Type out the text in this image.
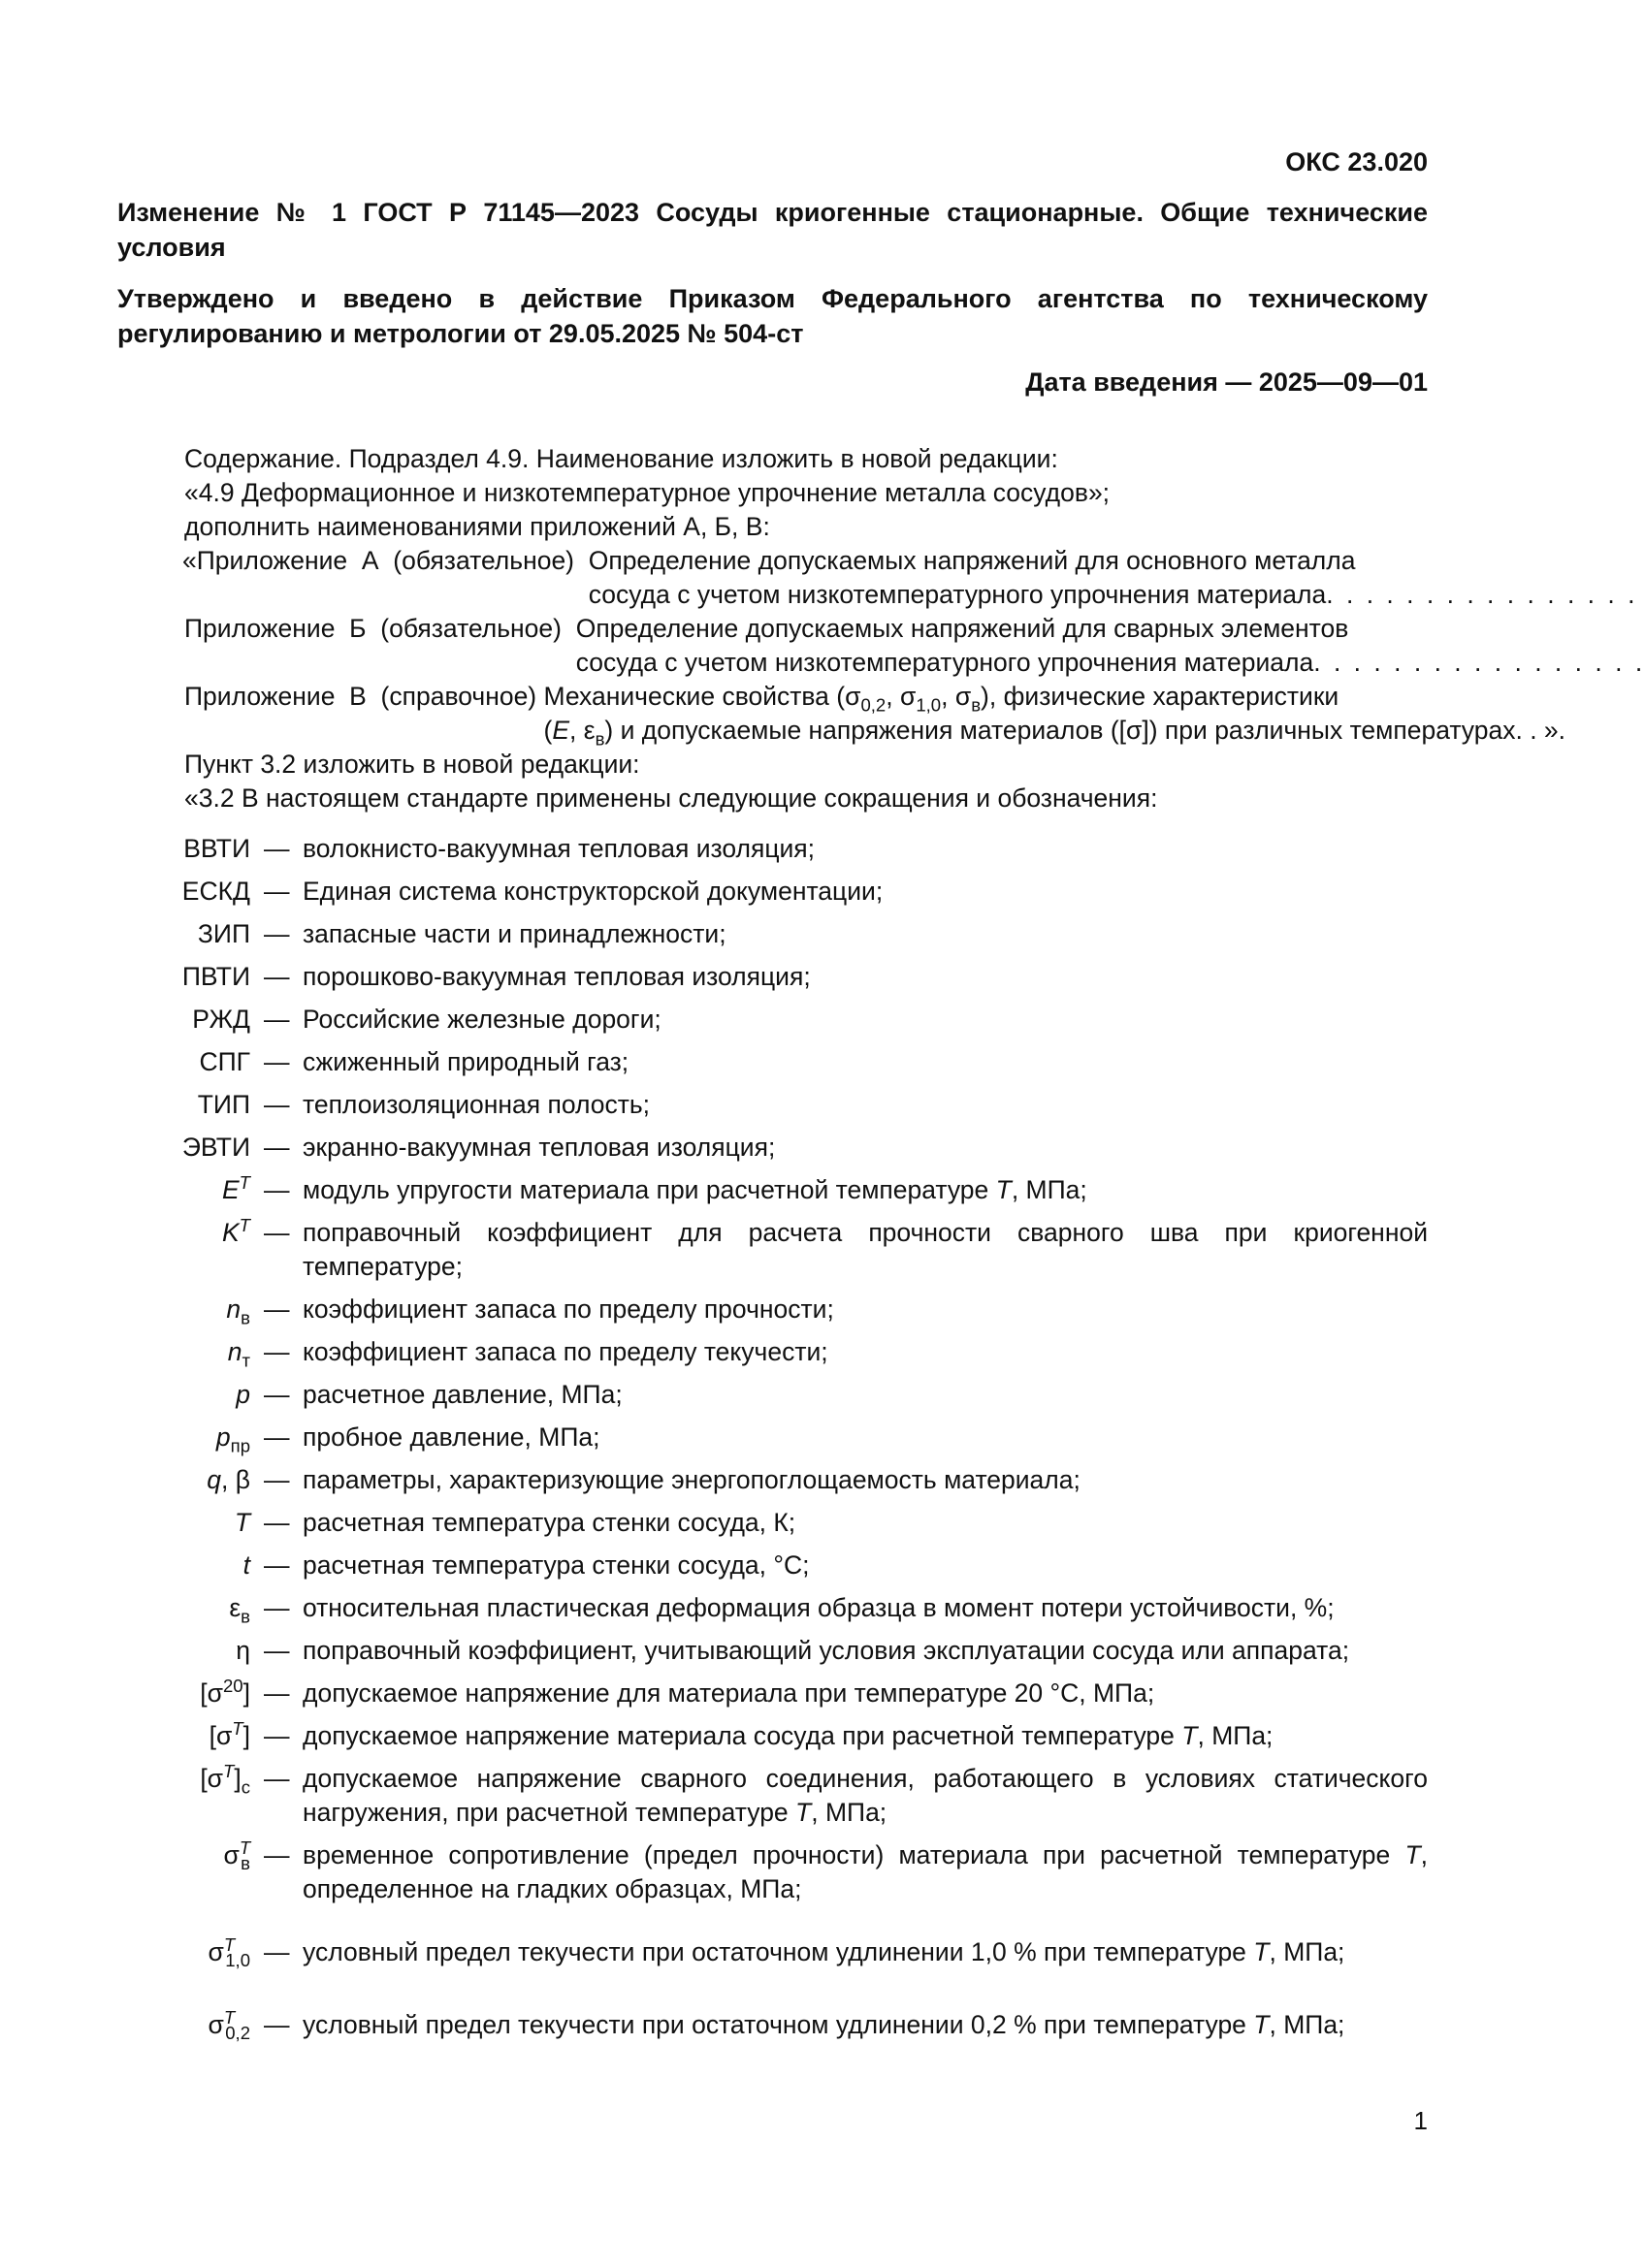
ОКС 23.020
Изменение № 1 ГОСТ Р 71145—2023 Сосуды криогенные стационарные. Общие технические условия
Утверждено и введено в действие Приказом Федерального агентства по техническому регулированию и метрологии от 29.05.2025 № 504-ст
Дата введения — 2025—09—01
Содержание. Подраздел 4.9. Наименование изложить в новой редакции:
«4.9 Деформационное и низкотемпературное упрочнение металла сосудов»;
дополнить наименованиями приложений А, Б, В:
«Приложение  А  (обязательное) Определение допускаемых напряжений для основного металла
сосуда с учетом низкотемпературного упрочнения материала. . . . . . . . . . . . . . . .
Приложение  Б  (обязательное) Определение допускаемых напряжений для сварных элементов
сосуда с учетом низкотемпературного упрочнения материала. . . . . . . . . . . . . . . . .
Приложение  В  (справочное) Механические свойства ($\sigma_{0,2}$, $\sigma_{1,0}$, $\sigma_в$), физические характеристики
(E, $\varepsilon_в$) и допускаемые напряжения материалов ([σ]) при различных температурах. . ».
Пункт 3.2 изложить в новой редакции:
«3.2 В настоящем стандарте применены следующие сокращения и обозначения:
ВВТИ — волокнисто-вакуумная тепловая изоляция;
ЕСКД — Единая система конструкторской документации;
ЗИП — запасные части и принадлежности;
ПВТИ — порошково-вакуумная тепловая изоляция;
РЖД — Российские железные дороги;
СПГ — сжиженный природный газ;
ТИП — теплоизоляционная полость;
ЭВТИ — экранно-вакуумная тепловая изоляция;
$E^T$ — модуль упругости материала при расчетной температуре T, МПа;
$K^T$ — поправочный коэффициент для расчета прочности сварного шва при криогенной температуре;
$n_в$ — коэффициент запаса по пределу прочности;
$n_т$ — коэффициент запаса по пределу текучести;
p — расчетное давление, МПа;
$p_{пр}$ — пробное давление, МПа;
q, β — параметры, характеризующие энергопоглощаемость материала;
T — расчетная температура стенки сосуда, К;
t — расчетная температура стенки сосуда, °С;
$\varepsilon_в$ — относительная пластическая деформация образца в момент потери устойчивости, %;
η — поправочный коэффициент, учитывающий условия эксплуатации сосуда или аппарата;
$[\sigma^{20}]$ — допускаемое напряжение для материала при температуре 20 °С, МПа;
$[\sigma^T]$ — допускаемое напряжение материала сосуда при расчетной температуре T, МПа;
$[\sigma^T]_c$ — допускаемое напряжение сварного соединения, работающего в условиях статического нагружения, при расчетной температуре T, МПа;
$\sigma^T_в$ — временное сопротивление (предел прочности) материала при расчетной температуре T, определенное на гладких образцах, МПа;
$\sigma^T_{1,0}$ — условный предел текучести при остаточном удлинении 1,0 % при температуре T, МПа;
$\sigma^T_{0,2}$ — условный предел текучести при остаточном удлинении 0,2 % при температуре T, МПа;
1
